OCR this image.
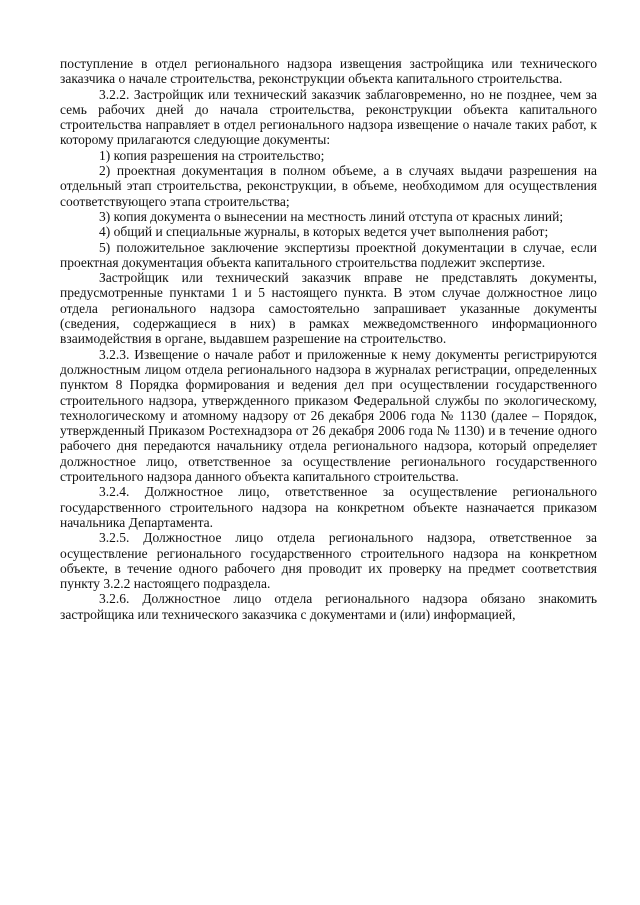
поступление в отдел регионального надзора извещения застройщика или технического заказчика о начале строительства, реконструкции объекта капитального строительства.

3.2.2. Застройщик или технический заказчик заблаговременно, но не позднее, чем за семь рабочих дней до начала строительства, реконструкции объекта капитального строительства направляет в отдел регионального надзора извещение о начале таких работ, к которому прилагаются следующие документы:

1) копия разрешения на строительство;

2) проектная документация в полном объеме, а в случаях выдачи разрешения на отдельный этап строительства, реконструкции, в объеме, необходимом для осуществления соответствующего этапа строительства;

3) копия документа о вынесении на местность линий отступа от красных линий;

4) общий и специальные журналы, в которых ведется учет выполнения работ;

5) положительное заключение экспертизы проектной документации в случае, если проектная документация объекта капитального строительства подлежит экспертизе.

Застройщик или технический заказчик вправе не представлять документы, предусмотренные пунктами 1 и 5 настоящего пункта. В этом случае должностное лицо отдела регионального надзора самостоятельно запрашивает указанные документы (сведения, содержащиеся в них) в рамках межведомственного информационного взаимодействия в органе, выдавшем разрешение на строительство.

3.2.3. Извещение о начале работ и приложенные к нему документы регистрируются должностным лицом отдела регионального надзора в журналах регистрации, определенных пунктом 8 Порядка формирования и ведения дел при осуществлении государственного строительного надзора, утвержденного приказом Федеральной службы по экологическому, технологическому и атомному надзору от 26 декабря 2006 года № 1130 (далее – Порядок, утвержденный Приказом Ростехнадзора от 26 декабря 2006 года № 1130) и в течение одного рабочего дня передаются начальнику отдела регионального надзора, который определяет должностное лицо, ответственное за осуществление регионального государственного строительного надзора данного объекта капитального строительства.

3.2.4. Должностное лицо, ответственное за осуществление регионального государственного строительного надзора на конкретном объекте назначается приказом начальника Департамента.

3.2.5. Должностное лицо отдела регионального надзора, ответственное за осуществление регионального государственного строительного надзора на конкретном объекте, в течение одного рабочего дня проводит их проверку на предмет соответствия пункту 3.2.2 настоящего подраздела.

3.2.6. Должностное лицо отдела регионального надзора обязано знакомить застройщика или технического заказчика с документами и (или) информацией,
